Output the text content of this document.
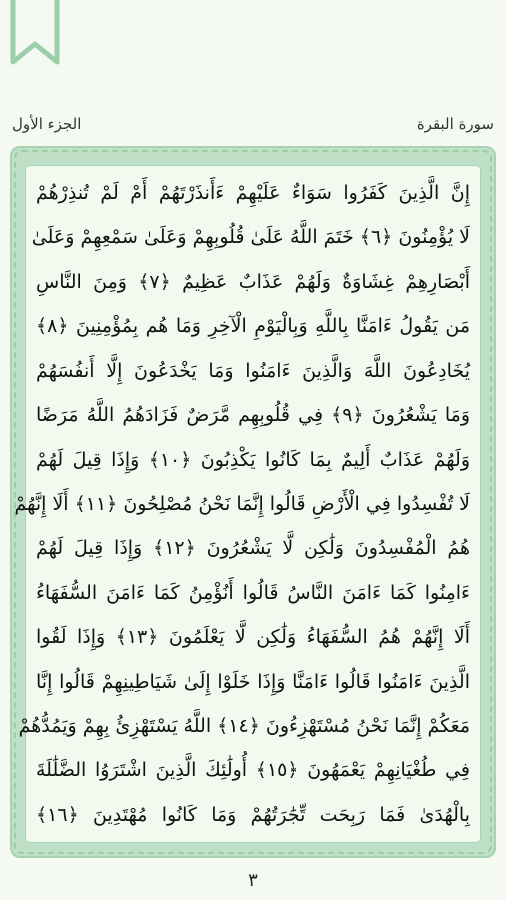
الجزء الأول	سورة البقرة
إِنَّ الَّذِينَ كَفَرُوا سَوَاءٌ عَلَيْهِمْ ءَأَنذَرْتَهُمْ أَمْ لَمْ تُنذِرْهُمْ
لَا يُؤْمِنُونَ ﴿٦﴾ خَتَمَ اللَّهُ عَلَىٰ قُلُوبِهِمْ وَعَلَىٰ سَمْعِهِمْ وَعَلَىٰ
أَبْصَارِهِمْ غِشَاوَةٌ وَلَهُمْ عَذَابٌ عَظِيمٌ ﴿٧﴾ وَمِنَ النَّاسِ
مَن يَقُولُ ءَامَنَّا بِاللَّهِ وَبِالْيَوْمِ الْآخِرِ وَمَا هُم بِمُؤْمِنِينَ ﴿٨﴾
يُخَادِعُونَ اللَّهَ وَالَّذِينَ ءَامَنُوا وَمَا يَخْدَعُونَ إِلَّا أَنفُسَهُمْ
وَمَا يَشْعُرُونَ ﴿٩﴾ فِي قُلُوبِهِم مَّرَضٌ فَزَادَهُمُ اللَّهُ مَرَضًا
وَلَهُمْ عَذَابٌ أَلِيمٌ بِمَا كَانُوا يَكْذِبُونَ ﴿١٠﴾ وَإِذَا قِيلَ لَهُمْ
لَا تُفْسِدُوا فِي الْأَرْضِ قَالُوا إِنَّمَا نَحْنُ مُصْلِحُونَ ﴿١١﴾ أَلَا إِنَّهُمْ
هُمُ الْمُفْسِدُونَ وَلَٰكِن لَّا يَشْعُرُونَ ﴿١٢﴾ وَإِذَا قِيلَ لَهُمْ
ءَامِنُوا كَمَا ءَامَنَ النَّاسُ قَالُوا أَنُؤْمِنُ كَمَا ءَامَنَ السُّفَهَاءُ
أَلَا إِنَّهُمْ هُمُ السُّفَهَاءُ وَلَٰكِن لَّا يَعْلَمُونَ ﴿١٣﴾ وَإِذَا لَقُوا
الَّذِينَ ءَامَنُوا قَالُوا ءَامَنَّا وَإِذَا خَلَوْا إِلَىٰ شَيَاطِينِهِمْ قَالُوا إِنَّا
مَعَكُمْ إِنَّمَا نَحْنُ مُسْتَهْزِءُونَ ﴿١٤﴾ اللَّهُ يَسْتَهْزِئُ بِهِمْ وَيَمُدُّهُمْ
فِي طُغْيَانِهِمْ يَعْمَهُونَ ﴿١٥﴾ أُولَٰئِكَ الَّذِينَ اشْتَرَوُا الضَّلَٰلَةَ
بِالْهُدَىٰ فَمَا رَبِحَت تِّجَٰرَتُهُمْ وَمَا كَانُوا مُهْتَدِينَ ﴿١٦﴾
٣
